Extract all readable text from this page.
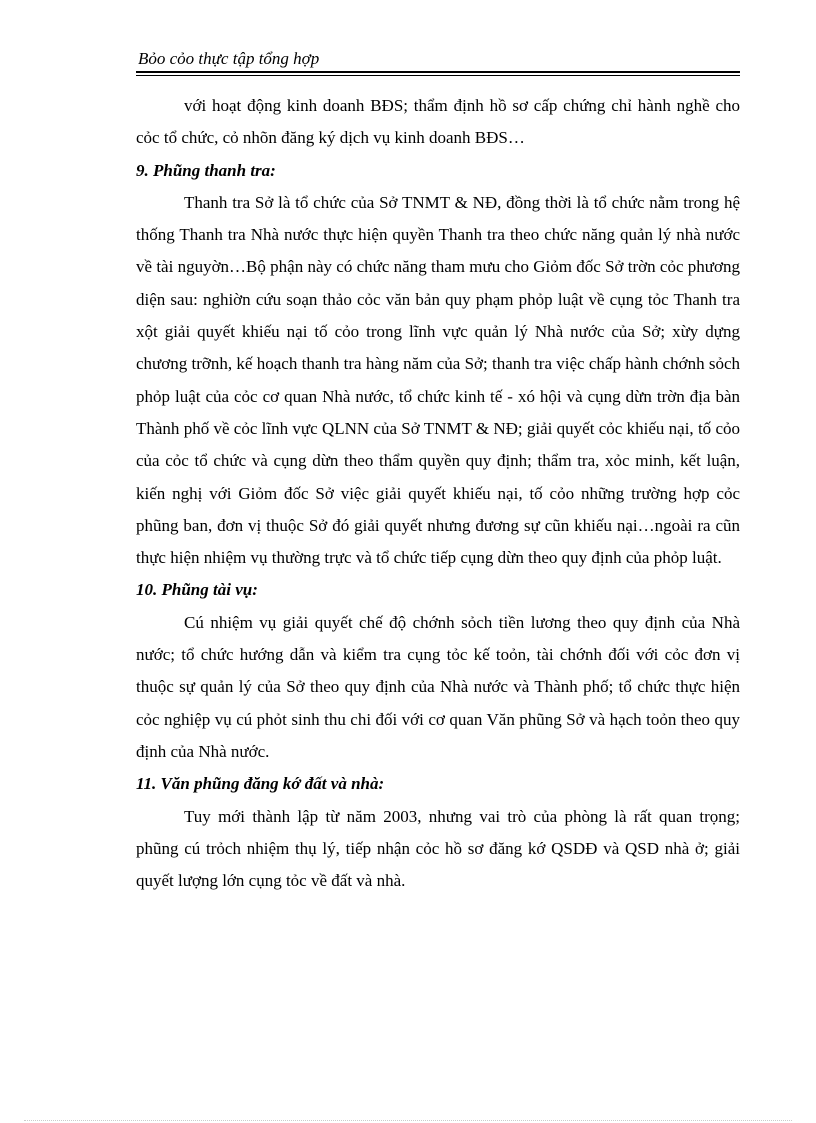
Bỏo cỏo thực tập tổng hợp

với hoạt động kinh doanh BĐS; thẩm định hồ sơ cấp chứng chỉ hành nghề cho cỏc tổ chức, cỏ nhõn đăng ký dịch vụ kinh doanh BĐS…

9. Phũng thanh tra:

Thanh tra Sở là tổ chức của Sở TNMT & NĐ, đồng thời là tổ chức nằm trong hệ thống Thanh tra Nhà nước thực hiện quyền Thanh tra theo chức năng quản lý nhà nước về tài nguyờn…Bộ phận này có chức năng tham mưu cho Giỏm đốc Sở trờn cỏc phương diện sau: nghiờn cứu soạn thảo cỏc văn bản quy phạm phỏp luật về cụng tỏc Thanh tra xột giải quyết khiếu nại tố cỏo trong lĩnh vực quản lý Nhà nước của Sở; xừy dựng chương trỡnh, kế hoạch thanh tra hàng năm của Sở; thanh tra việc chấp hành chớnh sỏch phỏp luật của cỏc cơ quan Nhà nước, tổ chức kinh tế - xó hội và cụng dừn trờn địa bàn Thành phố về cỏc lĩnh vực QLNN của Sở TNMT & NĐ; giải quyết cỏc khiếu nại, tố cỏo của cỏc tổ chức và cụng dừn theo thẩm quyền quy định; thẩm tra, xỏc minh, kết luận, kiến nghị với Giỏm đốc Sở việc giải quyết khiếu nại, tố cỏo những trường hợp cỏc phũng ban, đơn vị thuộc Sở đó giải quyết nhưng đương sự cũn khiếu nại…ngoài ra cũn thực hiện nhiệm vụ thường trực và tổ chức tiếp cụng dừn theo quy định của phỏp luật.

10. Phũng tài vụ:

Cú nhiệm vụ giải quyết chế độ chớnh sỏch tiền lương theo quy định của Nhà nước; tổ chức hướng dẫn và kiểm tra cụng tỏc kế toỏn, tài chớnh đối với cỏc đơn vị thuộc sự quản lý của Sở theo quy định của Nhà nước và Thành phố; tổ chức thực hiện cỏc nghiệp vụ cú phỏt sinh thu chi đối với cơ quan Văn phũng Sở và hạch toỏn theo quy định của Nhà nước.

11. Văn phũng đăng kớ đất và nhà:

Tuy mới thành lập từ năm 2003, nhưng vai trò của phòng là rất quan trọng; phũng cú trỏch nhiệm thụ lý, tiếp nhận cỏc hồ sơ đăng kớ QSDĐ và QSD nhà ở; giải quyết lượng lớn cụng tỏc về đất và nhà.
